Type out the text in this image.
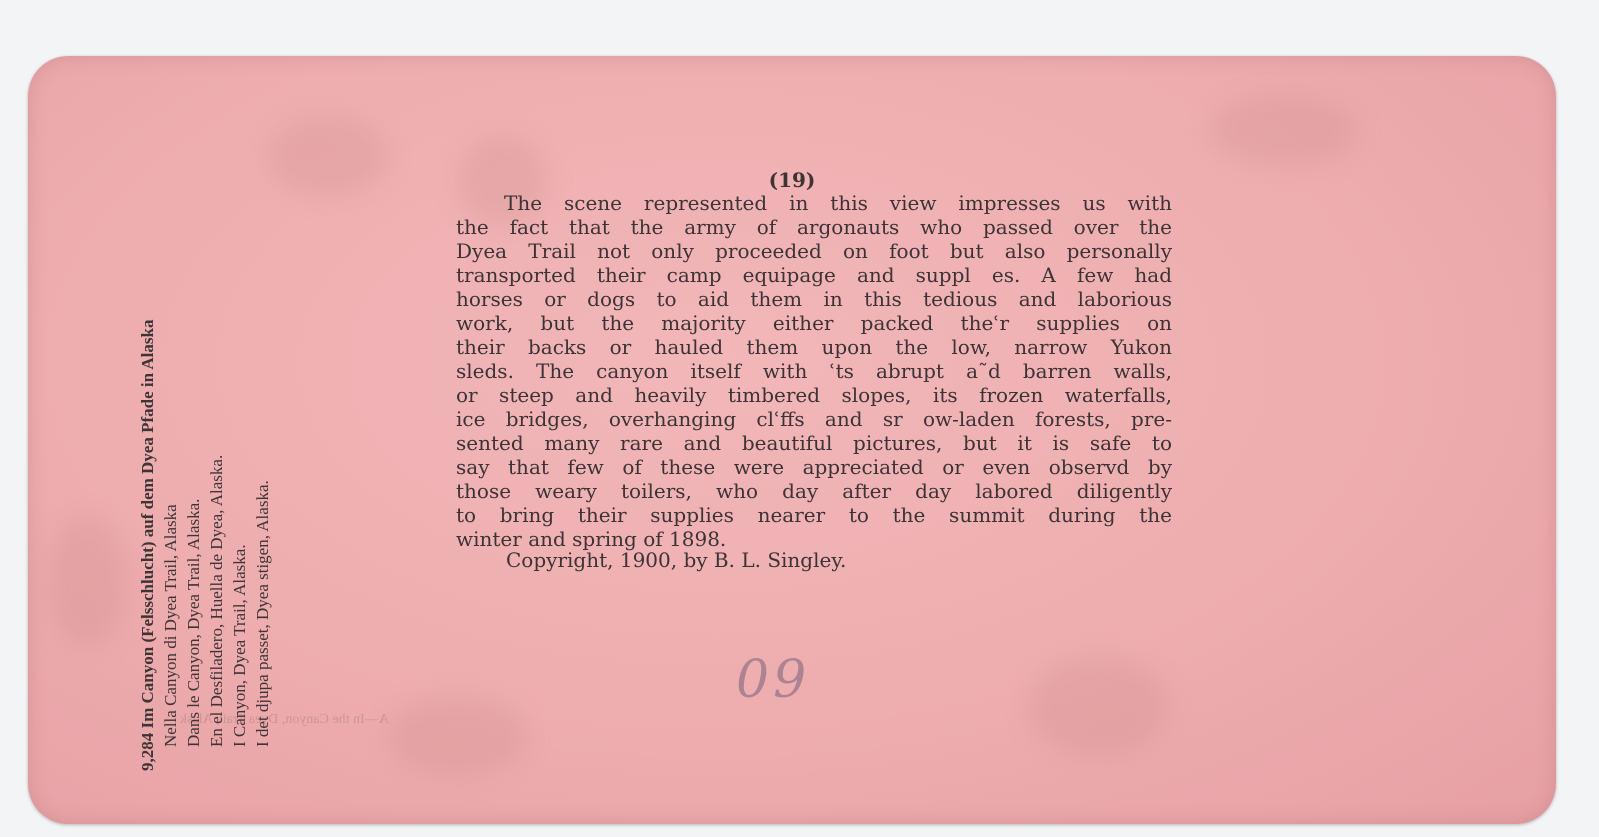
9,284 Im Canyon (Felsschlucht) auf dem Dyea Pfade in Alaska Nella Canyon di Dyea Trail, Alaska Dans le Canyon, Dyea Trail, Alaska. En el Desfiladero, Huella de Dyea, Alaska. I Canyon, Dyea Trail, Alaska. I det djupa passet, Dyea stigen, Alaska.

(19)
The scene represented in this view impresses us with
the fact that the army of argonauts who passed over the
Dyea Trail not only proceeded on foot but also personally
transported their camp equipage and suppl es. A few had
horses or dogs to aid them in this tedious and laborious
work, but the majority either packed theʿr supplies on
their backs or hauled them upon the low, narrow Yukon
sleds. The canyon itself with ʿts abrupt a˜d barren walls,
or steep and heavily timbered slopes, its frozen waterfalls,
ice bridges, overhanging clʿffs and sr ow-laden forests, pre-
sented many rare and beautiful pictures, but it is safe to
say that few of these were appreciated or even observd by
those weary toilers, who day after day labored diligently
to bring their supplies nearer to the summit during the
winter and spring of 1898.
Copyright, 1900, by B. L. Singley.
09
A—In the Canyon, Dyea Trail, Alask
